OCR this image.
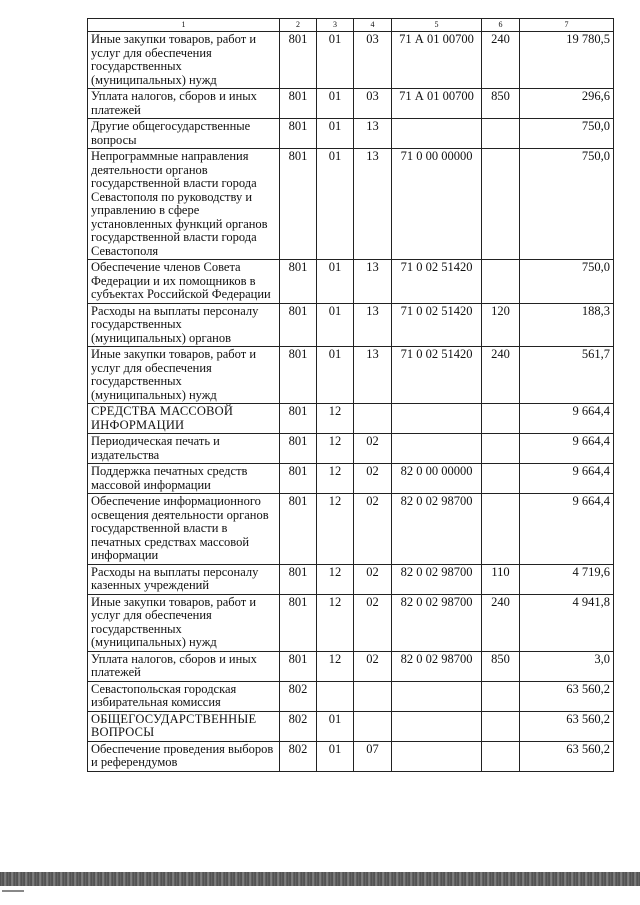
1	2	3	4	5	6	7
Иные закупки товаров, работ и услуг для обеспечения государственных (муниципальных) нужд	801	01	03	71 А 01 00700	240	19 780,5
Уплата налогов, сборов и иных платежей	801	01	03	71 А 01 00700	850	296,6
Другие общегосударственные вопросы	801	01	13			750,0
Непрограммные направления деятельности органов государственной власти города Севастополя по руководству и управлению в сфере установленных функций органов государственной власти города Севастополя	801	01	13	71 0 00 00000		750,0
Обеспечение членов Совета Федерации и их помощников в субъектах Российской Федерации	801	01	13	71 0 02 51420		750,0
Расходы на выплаты персоналу государственных (муниципальных) органов	801	01	13	71 0 02 51420	120	188,3
Иные закупки товаров, работ и услуг для обеспечения государственных (муниципальных) нужд	801	01	13	71 0 02 51420	240	561,7
СРЕДСТВА МАССОВОЙ ИНФОРМАЦИИ	801	12				9 664,4
Периодическая печать и издательства	801	12	02			9 664,4
Поддержка печатных средств массовой информации	801	12	02	82 0 00 00000		9 664,4
Обеспечение информационного освещения деятельности органов государственной власти в печатных средствах массовой информации	801	12	02	82 0 02 98700		9 664,4
Расходы на выплаты персоналу казенных учреждений	801	12	02	82 0 02 98700	110	4 719,6
Иные закупки товаров, работ и услуг для обеспечения государственных (муниципальных) нужд	801	12	02	82 0 02 98700	240	4 941,8
Уплата налогов, сборов и иных платежей	801	12	02	82 0 02 98700	850	3,0
Севастопольская городская избирательная комиссия	802					63 560,2
ОБЩЕГОСУДАРСТВЕННЫЕ ВОПРОСЫ	802	01				63 560,2
Обеспечение проведения выборов и референдумов	802	01	07			63 560,2
